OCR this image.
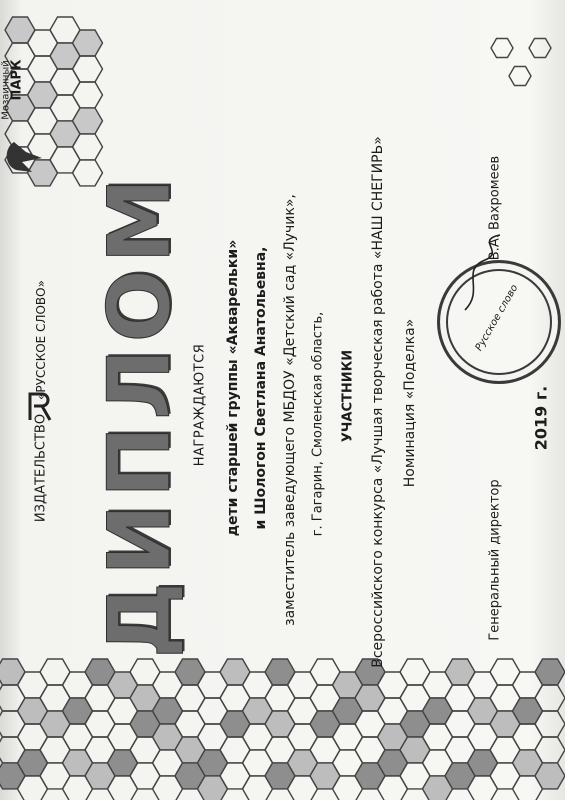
ПАРК
Мозаичный
ИЗДАТЕЛЬСТВО
«РУССКОЕ СЛОВО» ДИПЛОМ НАГРАЖДАЮТСЯ дети старшей группы «Акварельки» и Шологон Светлана Анатольевна, заместитель заведующего МБДОУ «Детский сад «Лучик», г. Гагарин, Смоленская область, УЧАСТНИКИ Всероссийского конкурса «Лучшая творческая работа «НАШ СНЕГИРЬ» Номинация «Поделка»
Генеральный директор
В.А. Вахромеев
2019 г.
Русское слово
